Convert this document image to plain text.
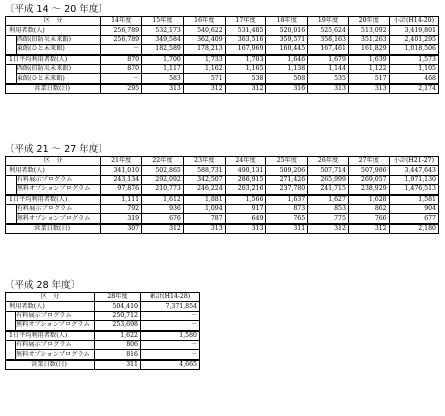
〔平成 14 ～ 20 年度〕
区　分		14年度	15年度	16年度	17年度	18年度	19年度	20年度	小計(H14-20)
利用者数(人)		256,789	532,173	540,622	531,485	520,016	525,624	513,092	3,419,801
	西館(旧防災未来館)	256,789	349,584	362,409	363,516	359,571	358,163	351,263	2,401,295
	東館(ひと未来館)	－	182,589	178,213	167,969	160,445	167,461	161,829	1,018,506
1日平均利用者数(人)		870	1,700	1,733	1,703	1,646	1,679	1,639	1,573
	西館(旧防災未来館)	870	1,117	1,162	1,165	1,138	1,144	1,122	1,105
	東館(ひと未来館)	－	583	571	538	508	535	517	468
営業日数(日)		295	313	312	312	316	313	313	2,174
〔平成 21 ～ 27 年度〕
区　分		21年度	22年度	23年度	24年度	25年度	26年度	27年度	小計(H21-27)
利用者数(人)		341,010	502,865	588,731	490,131	509,206	507,714	507,986	3,447,643
	有料展示プログラム	243,134	292,092	342,507	286,915	271,426	265,999	269,057	1,971,130
	無料オプションプログラム	97,876	210,773	246,224	203,216	237,780	241,715	238,929	1,476,513
1日平均利用者数(人)		1,111	1,612	1,881	1,566	1,637	1,627	1,628	1,581
	有料展示プログラム	792	936	1,094	917	873	853	862	904
	無料オプションプログラム	319	676	787	649	765	775	766	677
営業日数(日)		307	312	313	313	311	312	312	2,180
〔平成 28 年度〕
区　分		28年度	累計(H14-28)
利用者数(人)		504,410	7,371,854
	有料展示プログラム	250,712	－
	無料オプションプログラム	253,698	－
1日平均利用者数(人)		1,622	1,580
	有料展示プログラム	806	－
	無料オプションプログラム	816	－
営業日数(日)		311	4,665
